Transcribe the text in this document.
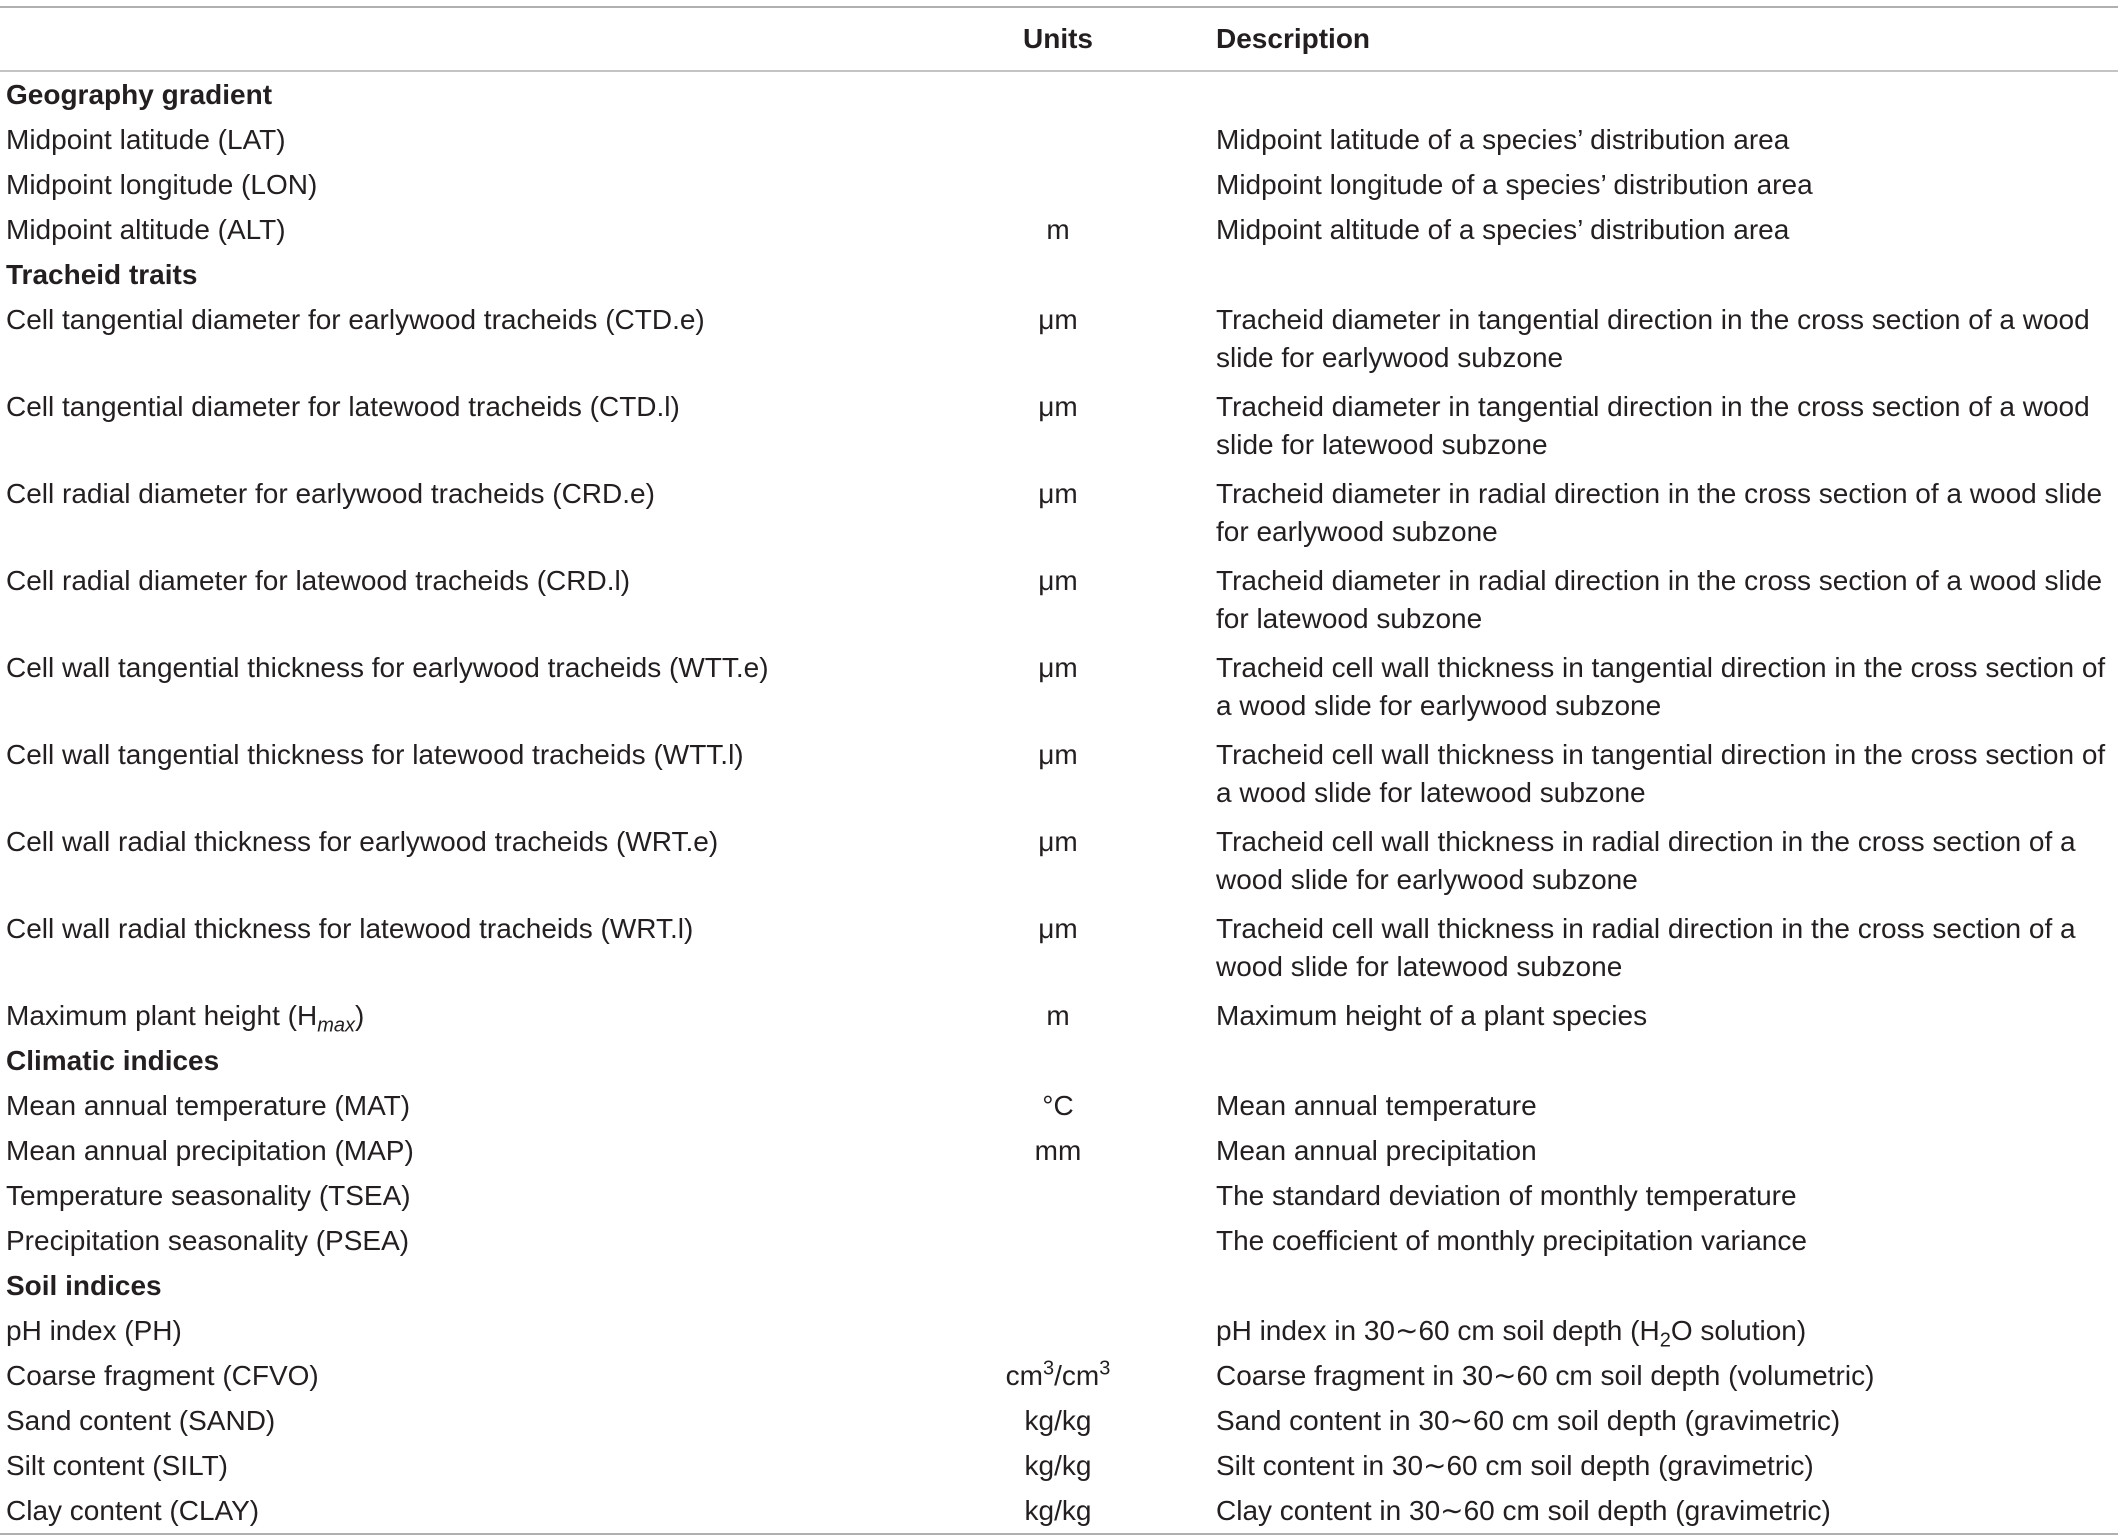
	Units	Description

Geography gradient		
Midpoint latitude (LAT)		Midpoint latitude of a species’ distribution area
Midpoint longitude (LON)		Midpoint longitude of a species’ distribution area
Midpoint altitude (ALT)	m	Midpoint altitude of a species’ distribution area
Tracheid traits		
Cell tangential diameter for earlywood tracheids (CTD.e)	μm	Tracheid diameter in tangential direction in the cross section of a wood slide for earlywood subzone
Cell tangential diameter for latewood tracheids (CTD.l)	μm	Tracheid diameter in tangential direction in the cross section of a wood slide for latewood subzone
Cell radial diameter for earlywood tracheids (CRD.e)	μm	Tracheid diameter in radial direction in the cross section of a wood slide for earlywood subzone
Cell radial diameter for latewood tracheids (CRD.l)	μm	Tracheid diameter in radial direction in the cross section of a wood slide for latewood subzone
Cell wall tangential thickness for earlywood tracheids (WTT.e)	μm	Tracheid cell wall thickness in tangential direction in the cross section of a wood slide for earlywood subzone
Cell wall tangential thickness for latewood tracheids (WTT.l)	μm	Tracheid cell wall thickness in tangential direction in the cross section of a wood slide for latewood subzone
Cell wall radial thickness for earlywood tracheids (WRT.e)	μm	Tracheid cell wall thickness in radial direction in the cross section of a wood slide for earlywood subzone
Cell wall radial thickness for latewood tracheids (WRT.l)	μm	Tracheid cell wall thickness in radial direction in the cross section of a wood slide for latewood subzone
Maximum plant height $(H_{max})$	m	Maximum height of a plant species
Climatic indices		
Mean annual temperature (MAT)	°C	Mean annual temperature
Mean annual precipitation (MAP)	mm	Mean annual precipitation
Temperature seasonality (TSEA)		The standard deviation of monthly temperature
Precipitation seasonality (PSEA)		The coefficient of monthly precipitation variance
Soil indices		
pH index (PH)		pH index in 30∼60 cm soil depth ($H_2O$ solution)
Coarse fragment (CFVO)	$cm^3/cm^3$	Coarse fragment in 30∼60 cm soil depth (volumetric)
Sand content (SAND)	kg/kg	Sand content in 30∼60 cm soil depth (gravimetric)
Silt content (SILT)	kg/kg	Silt content in 30∼60 cm soil depth (gravimetric)
Clay content (CLAY)	kg/kg	Clay content in 30∼60 cm soil depth (gravimetric)
